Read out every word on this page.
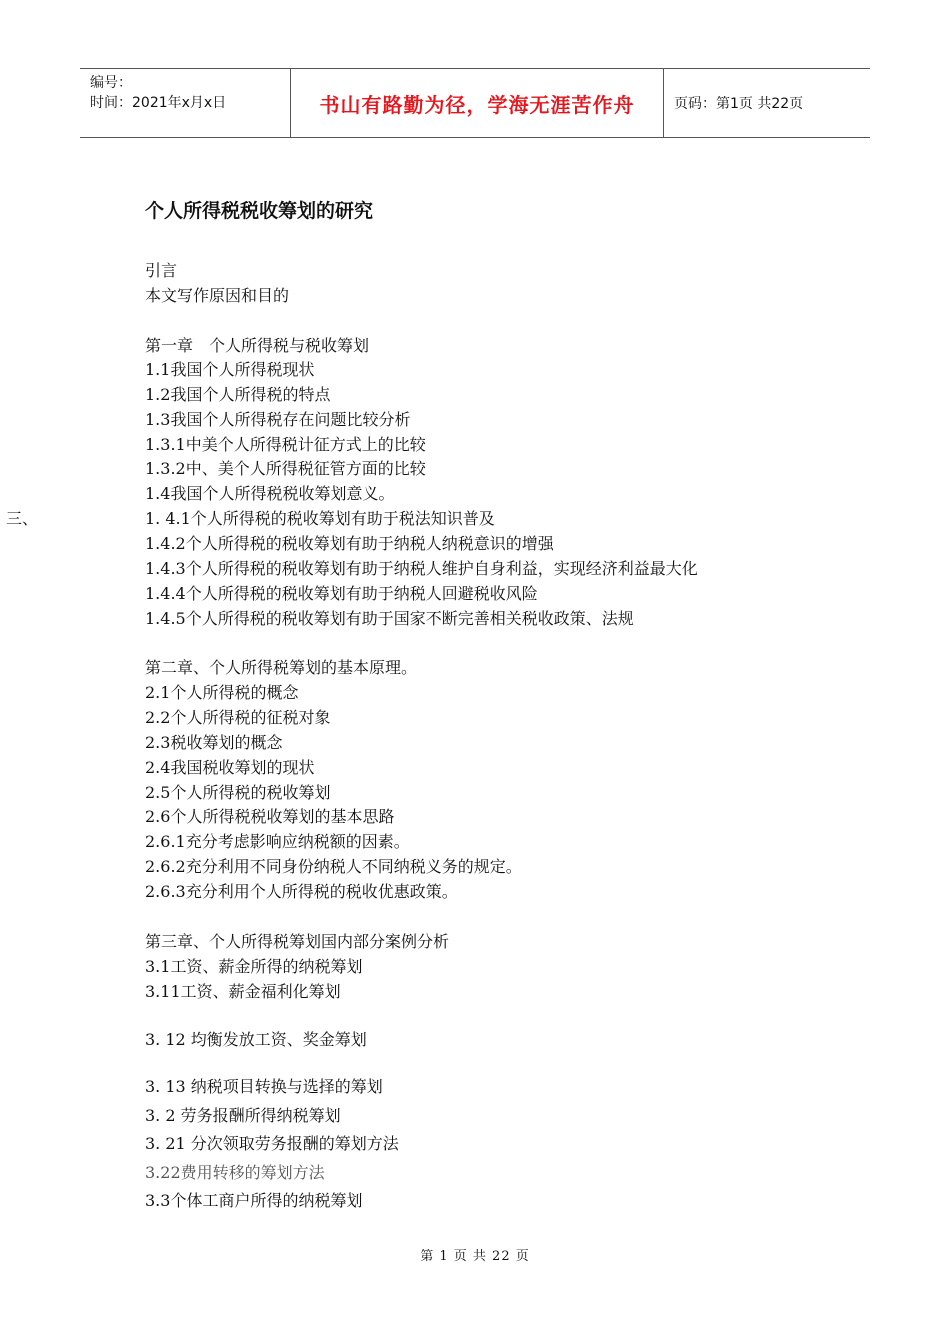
编号：
时间：2021年x月x日	书山有路勤为径，学海无涯苦作舟	页码：第1页 共22页
个人所得税税收筹划的研究
三、
引言
本文写作原因和目的
第一章　个人所得税与税收筹划
1.1我国个人所得税现状
1.2我国个人所得税的特点
1.3我国个人所得税存在问题比较分析
1.3.1中美个人所得税计征方式上的比较
1.3.2中、美个人所得税征管方面的比较
1.4我国个人所得税税收筹划意义。
1. 4.1个人所得税的税收筹划有助于税法知识普及
1.4.2个人所得税的税收筹划有助于纳税人纳税意识的增强
1.4.3个人所得税的税收筹划有助于纳税人维护自身利益，实现经济利益最大化
1.4.4个人所得税的税收筹划有助于纳税人回避税收风险
1.4.5个人所得税的税收筹划有助于国家不断完善相关税收政策、法规
第二章、个人所得税筹划的基本原理。
2.1个人所得税的概念
2.2个人所得税的征税对象
2.3税收筹划的概念
2.4我国税收筹划的现状
2.5个人所得税的税收筹划
2.6个人所得税税收筹划的基本思路
2.6.1充分考虑影响应纳税额的因素。
2.6.2充分利用不同身份纳税人不同纳税义务的规定。
2.6.3充分利用个人所得税的税收优惠政策。
第三章、个人所得税筹划国内部分案例分析
3.1工资、薪金所得的纳税筹划
3.11工资、薪金福利化筹划
3. 12 均衡发放工资、奖金筹划
3. 13 纳税项目转换与选择的筹划
3. 2 劳务报酬所得纳税筹划
3. 21 分次领取劳务报酬的筹划方法
3.22费用转移的筹划方法
3.3个体工商户所得的纳税筹划
第 1 页 共 22 页
